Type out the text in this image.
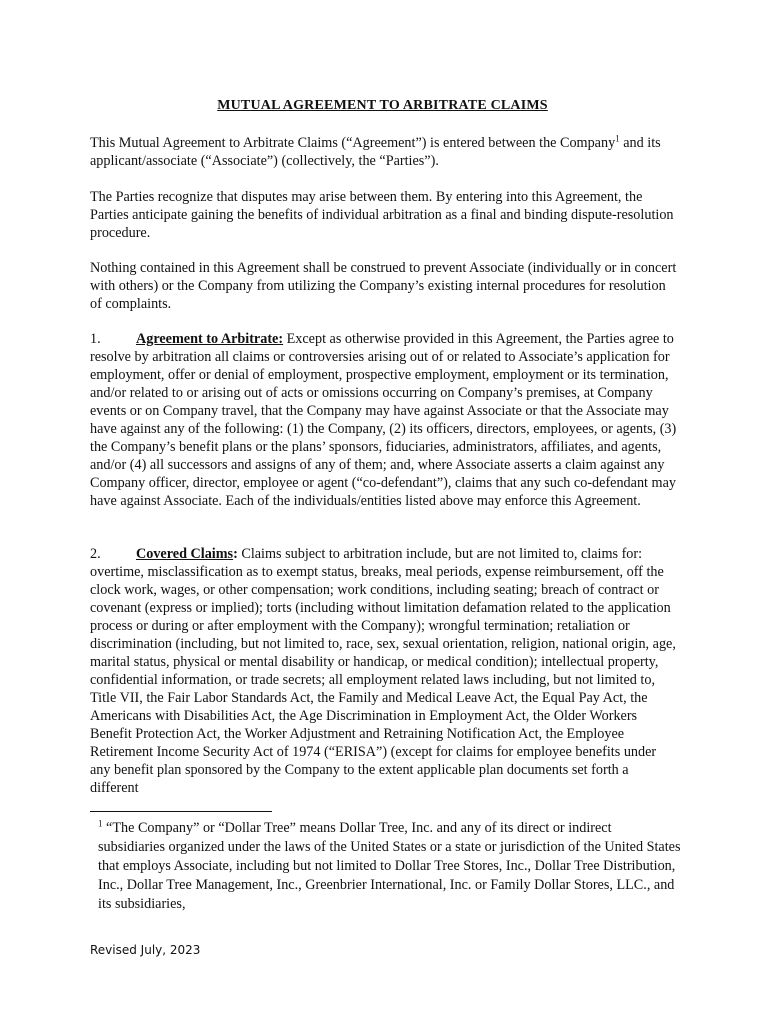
MUTUAL AGREEMENT TO ARBITRATE CLAIMS

This Mutual Agreement to Arbitrate Claims (“Agreement”) is entered between the Company$^1$ and its applicant/associate (“Associate”) (collectively, the “Parties”).

The Parties recognize that disputes may arise between them. By entering into this Agreement, the Parties anticipate gaining the benefits of individual arbitration as a final and binding dispute-resolution procedure.

Nothing contained in this Agreement shall be construed to prevent Associate (individually or in concert with others) or the Company from utilizing the Company’s existing internal procedures for resolution of complaints.

1. Agreement to Arbitrate: Except as otherwise provided in this Agreement, the Parties agree to resolve by arbitration all claims or controversies arising out of or related to Associate’s application for employment, offer or denial of employment, prospective employment, employment or its termination, and/or related to or arising out of acts or omissions occurring on Company’s premises, at Company events or on Company travel, that the Company may have against Associate or that the Associate may have against any of the following: (1) the Company, (2) its officers, directors, employees, or agents, (3) the Company’s benefit plans or the plans’ sponsors, fiduciaries, administrators, affiliates, and agents, and/or (4) all successors and assigns of any of them; and, where Associate asserts a claim against any Company officer, director, employee or agent (“co-defendant”), claims that any such co-defendant may have against Associate. Each of the individuals/entities listed above may enforce this Agreement.

2. Covered Claims: Claims subject to arbitration include, but are not limited to, claims for: overtime, misclassification as to exempt status, breaks, meal periods, expense reimbursement, off the clock work, wages, or other compensation; work conditions, including seating; breach of contract or covenant (express or implied); torts (including without limitation defamation related to the application process or during or after employment with the Company); wrongful termination; retaliation or discrimination (including, but not limited to, race, sex, sexual orientation, religion, national origin, age, marital status, physical or mental disability or handicap, or medical condition); intellectual property, confidential information, or trade secrets; all employment related laws including, but not limited to, Title VII, the Fair Labor Standards Act, the Family and Medical Leave Act, the Equal Pay Act, the Americans with Disabilities Act, the Age Discrimination in Employment Act, the Older Workers Benefit Protection Act, the Worker Adjustment and Retraining Notification Act, the Employee Retirement Income Security Act of 1974 (“ERISA”) (except for claims for employee benefits under any benefit plan sponsored by the Company to the extent applicable plan documents set forth a different

$^1$ “The Company” or “Dollar Tree” means Dollar Tree, Inc. and any of its direct or indirect subsidiaries organized under the laws of the United States or a state or jurisdiction of the United States that employs Associate, including but not limited to Dollar Tree Stores, Inc., Dollar Tree Distribution, Inc., Dollar Tree Management, Inc., Greenbrier International, Inc. or Family Dollar Stores, LLC., and its subsidiaries,

Revised July, 2023
